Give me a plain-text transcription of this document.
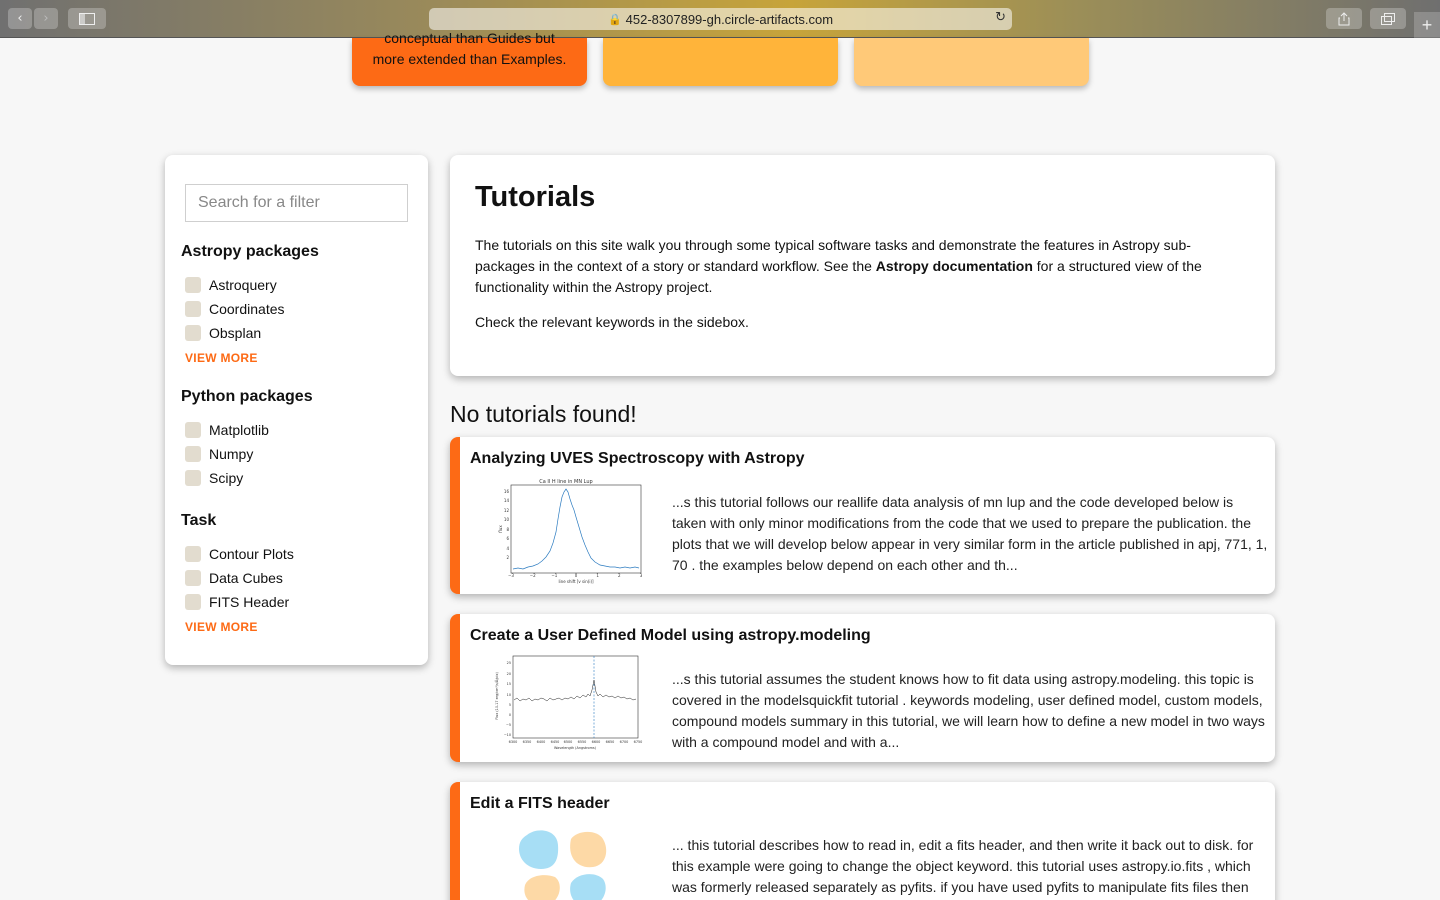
‹ ›	🔒 452-8307899-gh.circle-artifacts.com	↻	+
conceptual than Guides but
more extended than Examples.
Search for a filter
Astropy packages
Astroquery
Coordinates
Obsplan
VIEW MORE
Python packages
Matplotlib
Numpy
Scipy
Task
Contour Plots
Data Cubes
FITS Header
VIEW MORE
Tutorials

The tutorials on this site walk you through some typical software tasks and demonstrate the features in Astropy sub-packages in the context of a story or standard workflow. See the Astropy documentation for a structured view of the functionality within the Astropy project.

Check the relevant keywords in the sidebox.

No tutorials found!
Analyzing UVES Spectroscopy with Astropy
Ca II H line in MN Lup
−3	−2	−1	0	1	2	3
line shift [v sin(i)]
16
14
12
10
8
6
4
2
flux
...s this tutorial follows our reallife data analysis of mn lup and the code developed below is taken with only minor modifications from the code that we used to prepare the publication. the plots that we will develop below appear in very similar form in the article published in apj, 771, 1, 70 . the examples below depend on each other and th...
Create a User Defined Model using astropy.modeling
6300 6350 6400 6450 6500 6550 6600 6650 6700 6750
Wavelength (Angstroms)
25
20
15
10
5
0
−5
−10
Flux (10-17 erg/cm²/s/Å/pix)	...s this tutorial assumes the student knows how to fit data using astropy.modeling. this topic is covered in the modelsquickfit tutorial . keywords modeling, user defined model, custom models, compound models summary in this tutorial, we will learn how to define a new model in two ways with a compound model and with a...
Edit a FITS header
... this tutorial describes how to read in, edit a fits header, and then write it back out to disk. for this example were going to change the object keyword. this tutorial uses astropy.io.fits , which was formerly released separately as pyfits. if you have used pyfits to manipulate fits files then
